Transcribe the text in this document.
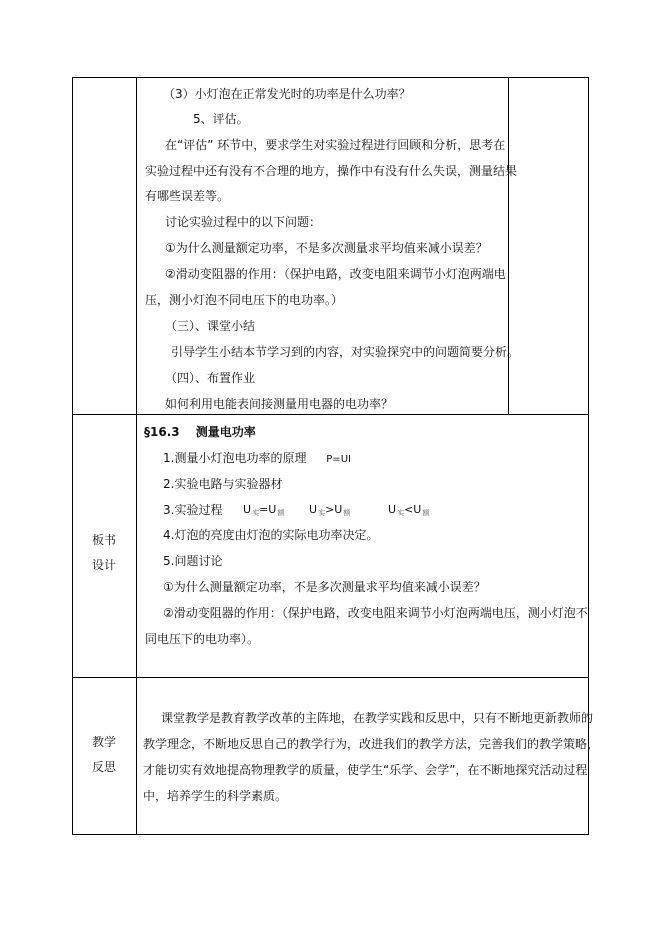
（3）小灯泡在正常发光时的功率是什么功率？
5、评估。
在“评估” 环节中，要求学生对实验过程进行回顾和分析，思考在
实验过程中还有没有不合理的地方，操作中有没有什么失误，测量结果
有哪些误差等。
讨论实验过程中的以下问题：
①为什么测量额定功率，不是多次测量求平均值来减小误差？
②滑动变阻器的作用：（保护电路，改变电阻来调节小灯泡两端电
压，测小灯泡不同电压下的电功率。）
（三）、课堂小结
引导学生小结本节学习到的内容，对实验探究中的问题简要分析。
（四）、布置作业
如何利用电能表间接测量用电器的电功率？
板书
设计
§16.3 测量电功率
1.测量小灯泡电功率的原理 P=UI
2.实验电路与实验器材
3.实验过程 $U_实=U_额$ $U_实>U_额$	$U_实<U_额$
4.灯泡的亮度由灯泡的实际电功率决定。
5.问题讨论
①为什么测量额定功率，不是多次测量求平均值来减小误差？
②滑动变阻器的作用：（保护电路，改变电阻来调节小灯泡两端电压，测小灯泡不
同电压下的电功率）。
教学
反思
课堂教学是教育教学改革的主阵地，在教学实践和反思中，只有不断地更新教师的
教学理念，不断地反思自己的教学行为，改进我们的教学方法，完善我们的教学策略，
才能切实有效地提高物理教学的质量，使学生“乐学、会学”，在不断地探究活动过程
中，培养学生的科学素质。
